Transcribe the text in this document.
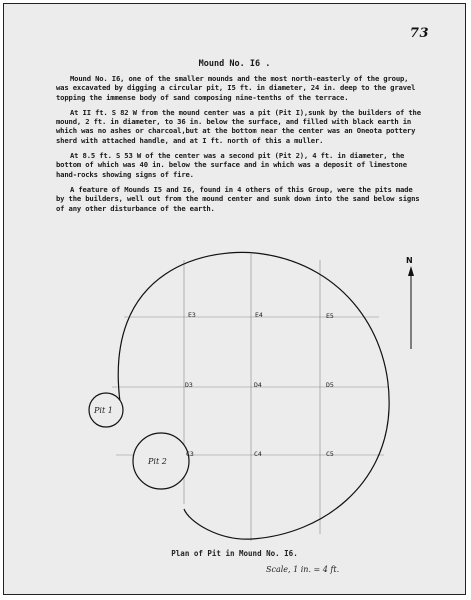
73
Mound No. I6 .

Mound No. I6, one of the smaller mounds and the most north-easterly of the group, was excavated by digging a circular pit, I5 ft. in diameter, 24 in. deep to the gravel topping the immense body of sand composing nine-tenths of the terrace.

At II ft. S 82 W from the mound center was a pit (Pit I),sunk by the builders of the mound, 2 ft. in diameter, to 36 in. below the surface, and filled with black earth in which was no ashes or charcoal,but at the bottom near the center was an Oneota pottery sherd with attached handle, and at I ft. north of this a muller.

At 8.5 ft. S 53 W of the center was a second pit (Pit 2), 4 ft. in diameter, the bottom of which was 40 in. below the surface and in which was a deposit of limestone hand-rocks showing signs of fire.

A feature of Mounds I5 and I6, found in 4 others of this Group, were the pits made by the builders, well out from the mound center and sunk down into the sand below signs of any other disturbance of the earth.

Pit 1
Pit 2
E3	E4	E5
D3	D4	D5
C3	C4	C5
N
Plan of Pit in Mound No. I6.
Scale, 1 in. = 4 ft.
